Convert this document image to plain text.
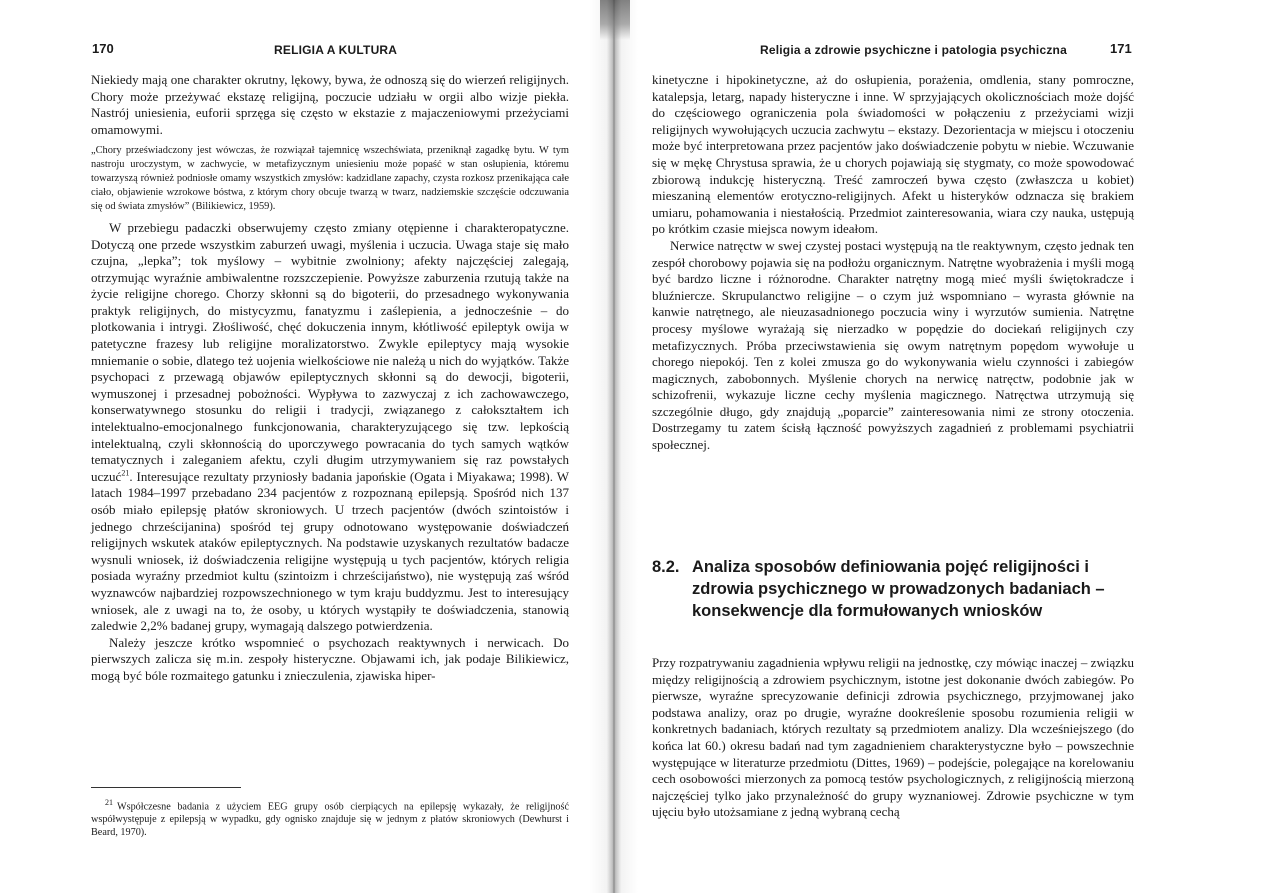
170	RELIGIA A KULTURA

Niekiedy mają one charakter okrutny, lękowy, bywa, że odnoszą się do wierzeń religijnych. Chory może przeżywać ekstazę religijną, poczucie udziału w orgii albo wizje piekła. Nastrój uniesienia, euforii sprzęga się często w ekstazie z majaczeniowymi przeżyciami omamowymi.

„Chory przeświadczony jest wówczas, że rozwiązał tajemnicę wszechświata, przeniknął zagadkę bytu. W tym nastroju uroczystym, w zachwycie, w metafizycznym uniesieniu może popaść w stan osłupienia, któremu towarzyszą również podniosłe omamy wszystkich zmysłów: kadzidlane zapachy, czysta rozkosz przenikająca całe ciało, objawienie wzrokowe bóstwa, z którym chory obcuje twarzą w twarz, nadziemskie szczęście odczuwania się od świata zmysłów” (Bilikiewicz, 1959).

W przebiegu padaczki obserwujemy często zmiany otępienne i charakteropatyczne. Dotyczą one przede wszystkim zaburzeń uwagi, myślenia i uczucia. Uwaga staje się mało czujna, „lepka”; tok myślowy – wybitnie zwolniony; afekty najczęściej zalegają, otrzymując wyraźnie ambiwalentne rozszczepienie. Powyższe zaburzenia rzutują także na życie religijne chorego. Chorzy skłonni są do bigoterii, do przesadnego wykonywania praktyk religijnych, do mistycyzmu, fanatyzmu i zaślepienia, a jednocześnie – do plotkowania i intrygi. Złośliwość, chęć dokuczenia innym, kłótliwość epileptyk owija w patetyczne frazesy lub religijne moralizatorstwo. Zwykle epileptycy mają wysokie mniemanie o sobie, dlatego też uojenia wielkościowe nie należą u nich do wyjątków. Także psychopaci z przewagą objawów epileptycznych skłonni są do dewocji, bigoterii, wymuszonej i przesadnej pobożności. Wypływa to zazwyczaj z ich zachowawczego, konserwatywnego stosunku do religii i tradycji, związanego z całokształtem ich intelektualno-emocjonalnego funkcjonowania, charakteryzującego się tzw. lepkością intelektualną, czyli skłonnością do uporczywego powracania do tych samych wątków tematycznych i zaleganiem afektu, czyli długim utrzymywaniem się raz powstałych uczuć$^{21}$. Interesujące rezultaty przyniosły badania japońskie (Ogata i Miyakawa; 1998). W latach 1984–1997 przebadano 234 pacjentów z rozpoznaną epilepsją. Spośród nich 137 osób miało epilepsję płatów skroniowych. U trzech pacjentów (dwóch szintoistów i jednego chrześcijanina) spośród tej grupy odnotowano występowanie doświadczeń religijnych wskutek ataków epileptycznych. Na podstawie uzyskanych rezultatów badacze wysnuli wniosek, iż doświadczenia religijne występują u tych pacjentów, których religia posiada wyraźny przedmiot kultu (szintoizm i chrześcijaństwo), nie występują zaś wśród wyznawców najbardziej rozpowszechnionego w tym kraju buddyzmu. Jest to interesujący wniosek, ale z uwagi na to, że osoby, u których wystąpiły te doświadczenia, stanowią zaledwie 2,2% badanej grupy, wymagają dalszego potwierdzenia.

Należy jeszcze krótko wspomnieć o psychozach reaktywnych i nerwicach. Do pierwszych zalicza się m.in. zespoły histeryczne. Objawami ich, jak podaje Bilikiewicz, mogą być bóle rozmaitego gatunku i znieczulenia, zjawiska hiper-

$^{21}$ Współczesne badania z użyciem EEG grupy osób cierpiących na epilepsję wykazały, że religijność współwystępuje z epilepsją w wypadku, gdy ognisko znajduje się w jednym z płatów skroniowych (Dewhurst i Beard, 1970).
Religia a zdrowie psychiczne i patologia psychiczna	171

kinetyczne i hipokinetyczne, aż do osłupienia, porażenia, omdlenia, stany pomroczne, katalepsja, letarg, napady histeryczne i inne. W sprzyjających okolicznościach może dojść do częściowego ograniczenia pola świadomości w połączeniu z przeżyciami wizji religijnych wywołujących uczucia zachwytu – ekstazy. Dezorientacja w miejscu i otoczeniu może być interpretowana przez pacjentów jako doświadczenie pobytu w niebie. Wczuwanie się w mękę Chrystusa sprawia, że u chorych pojawiają się stygmaty, co może spowodować zbiorową indukcję histeryczną. Treść zamroczeń bywa często (zwłaszcza u kobiet) mieszaniną elementów erotyczno-religijnych. Afekt u histeryków odznacza się brakiem umiaru, pohamowania i niestałością. Przedmiot zainteresowania, wiara czy nauka, ustępują po krótkim czasie miejsca nowym ideałom.

Nerwice natręctw w swej czystej postaci występują na tle reaktywnym, często jednak ten zespół chorobowy pojawia się na podłożu organicznym. Natrętne wyobrażenia i myśli mogą być bardzo liczne i różnorodne. Charakter natrętny mogą mieć myśli świętokradcze i bluźniercze. Skrupulanctwo religijne – o czym już wspomniano – wyrasta głównie na kanwie natrętnego, ale nieuzasadnionego poczucia winy i wyrzutów sumienia. Natrętne procesy myślowe wyrażają się nierzadko w popędzie do dociekań religijnych czy metafizycznych. Próba przeciwstawienia się owym natrętnym popędom wywołuje u chorego niepokój. Ten z kolei zmusza go do wykonywania wielu czynności i zabiegów magicznych, zabobonnych. Myślenie chorych na nerwicę natręctw, podobnie jak w schizofrenii, wykazuje liczne cechy myślenia magicznego. Natręctwa utrzymują się szczególnie długo, gdy znajdują „poparcie” zainteresowania nimi ze strony otoczenia. Dostrzegamy tu zatem ścisłą łączność powyższych zagadnień z problemami psychiatrii społecznej.

8.2. Analiza sposobów definiowania pojęć religijności i zdrowia psychicznego w prowadzonych badaniach – konsekwencje dla formułowanych wniosków

Przy rozpatrywaniu zagadnienia wpływu religii na jednostkę, czy mówiąc inaczej – związku między religijnością a zdrowiem psychicznym, istotne jest dokonanie dwóch zabiegów. Po pierwsze, wyraźne sprecyzowanie definicji zdrowia psychicznego, przyjmowanej jako podstawa analizy, oraz po drugie, wyraźne dookreślenie sposobu rozumienia religii w konkretnych badaniach, których rezultaty są przedmiotem analizy. Dla wcześniejszego (do końca lat 60.) okresu badań nad tym zagadnieniem charakterystyczne było – powszechnie występujące w literaturze przedmiotu (Dittes, 1969) – podejście, polegające na korelowaniu cech osobowości mierzonych za pomocą testów psychologicznych, z religijnością mierzoną najczęściej tylko jako przynależność do grupy wyznaniowej. Zdrowie psychiczne w tym ujęciu było utożsamiane z jedną wybraną cechą
